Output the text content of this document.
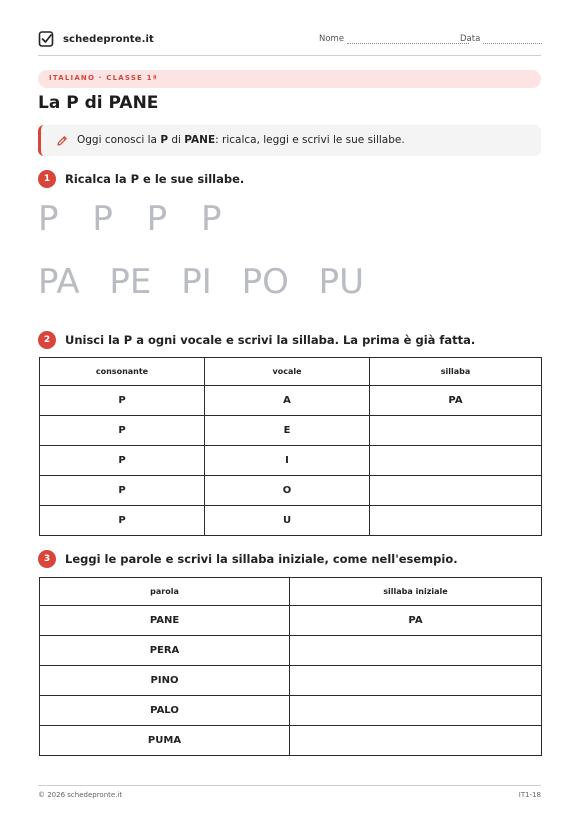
schedepronte.it	Nome	Data
ITALIANO · CLASSE 1ª
La P di PANE
Oggi conosci la P di PANE: ricalca, leggi e scrivi le sue sillabe.
1	Ricalca la P e le sue sillabe.
P P P P
PA PE PI PO PU
2	Unisci la P a ogni vocale e scrivi la sillaba. La prima è già fatta.
consonante	vocale	sillaba
P	A	PA
P	E	
P	I	
P	O	
P	U	
3	Leggi le parole e scrivi la sillaba iniziale, come nell'esempio.
parola	sillaba iniziale
PANE	PA
PERA	
PINO	
PALO	
PUMA	
© 2026 schedepronte.it	IT1-18
